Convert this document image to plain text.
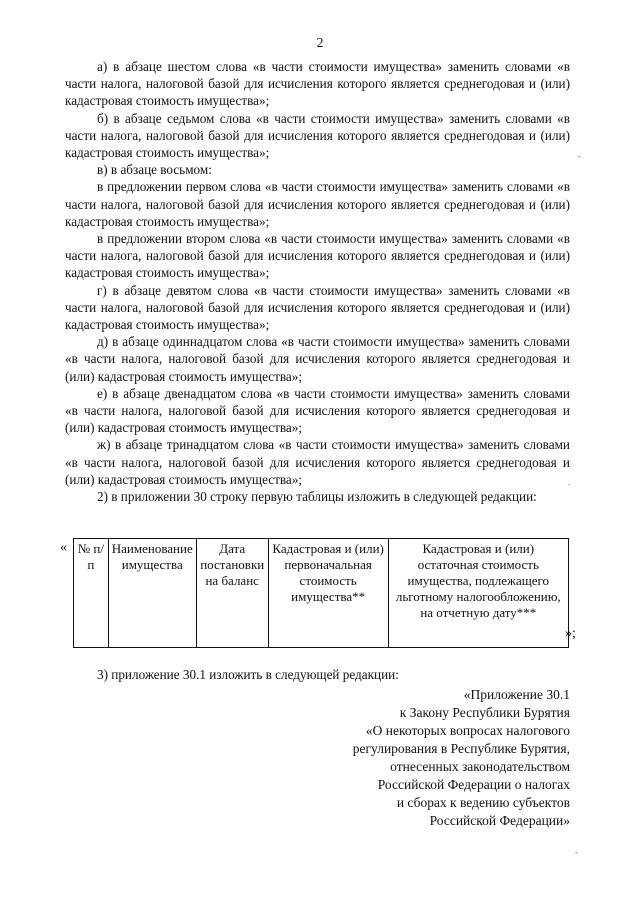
2

а) в абзаце шестом слова «в части стоимости имущества» заменить словами «в части налога, налоговой базой для исчисления которого является среднегодовая и (или) кадастровая стоимость имущества»;

б) в абзаце седьмом слова «в части стоимости имущества» заменить словами «в части налога, налоговой базой для исчисления которого является среднегодовая и (или) кадастровая стоимость имущества»;

в) в абзаце восьмом:

в предложении первом слова «в части стоимости имущества» заменить словами «в части налога, налоговой базой для исчисления которого является среднегодовая и (или) кадастровая стоимость имущества»;

в предложении втором слова «в части стоимости имущества» заменить словами «в части налога, налоговой базой для исчисления которого является среднегодовая и (или) кадастровая стоимость имущества»;

г) в абзаце девятом слова «в части стоимости имущества» заменить словами «в части налога, налоговой базой для исчисления которого является среднегодовая и (или) кадастровая стоимость имущества»;

д) в абзаце одиннадцатом слова «в части стоимости имущества» заменить словами «в части налога, налоговой базой для исчисления которого является среднегодовая и (или) кадастровая стоимость имущества»;

е) в абзаце двенадцатом слова «в части стоимости имущества» заменить словами «в части налога, налоговой базой для исчисления которого является среднегодовая и (или) кадастровая стоимость имущества»;

ж) в абзаце тринадцатом слова «в части стоимости имущества» заменить словами «в части налога, налоговой базой для исчисления которого является среднегодовая и (или) кадастровая стоимость имущества»;

2) в приложении 30 строку первую таблицы изложить в следующей редакции:

« № п/п	Наименование имущества	Дата постановки на баланс	Кадастровая и (или) первоначальная стоимость имущества**	Кадастровая и (или) остаточная стоимость имущества, подлежащего льготному налогообложению, на отчетную дату***
»;

3) приложение 30.1 изложить в следующей редакции:

«Приложение 30.1
к Закону Республики Бурятия
«О некоторых вопросах налогового
регулирования в Республике Бурятия,
отнесенных законодательством
Российской Федерации о налогах
и сборах к ведению субъектов
Российской Федерации»
-
.
-
